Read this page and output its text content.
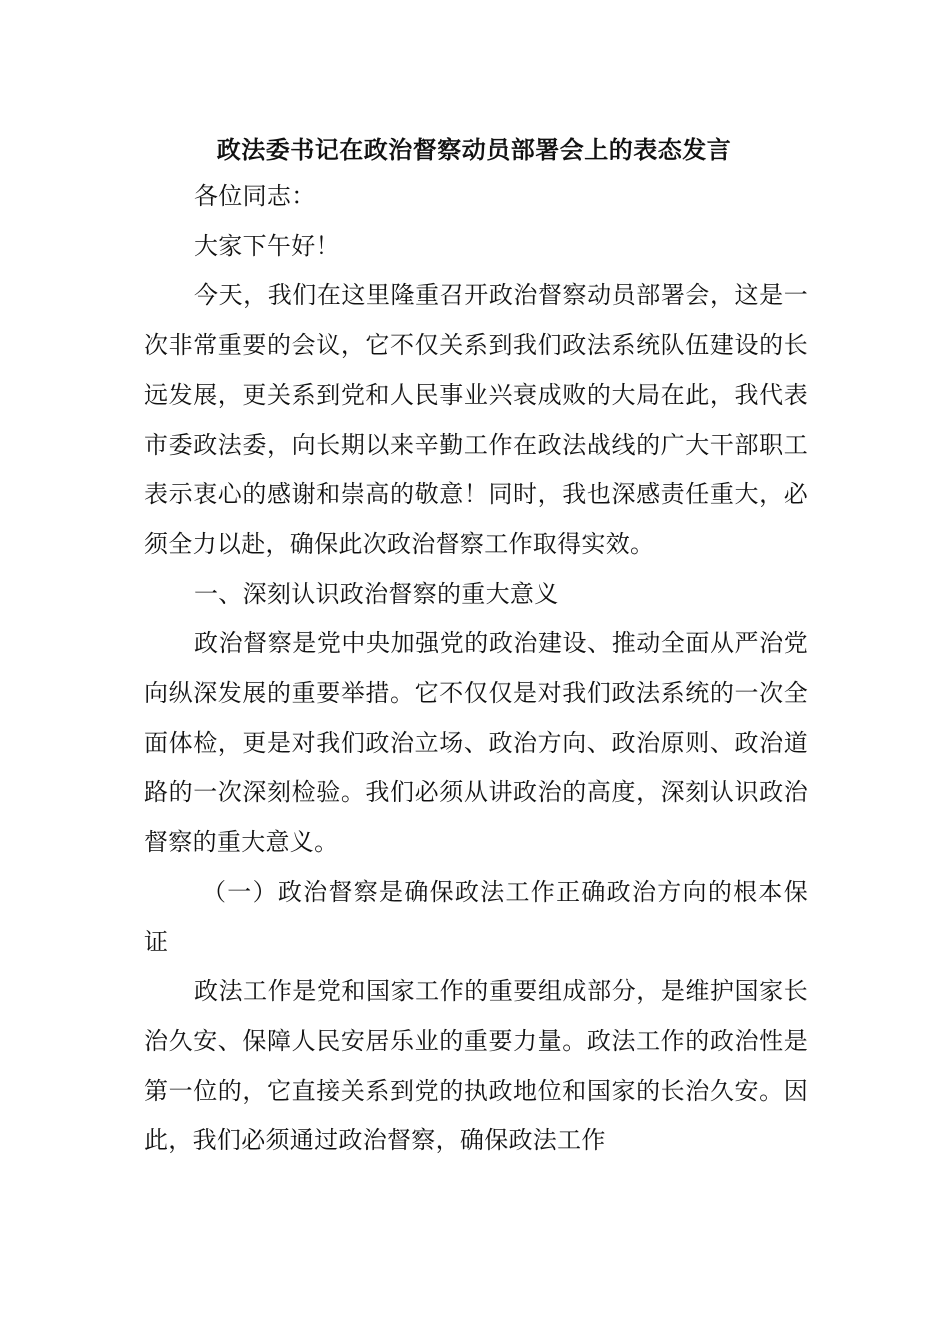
政法委书记在政治督察动员部署会上的表态发言

各位同志：

大家下午好！

今天，我们在这里隆重召开政治督察动员部署会，这是一次非常重要的会议，它不仅关系到我们政法系统队伍建设的长远发展，更关系到党和人民事业兴衰成败的大局在此，我代表市委政法委，向长期以来辛勤工作在政法战线的广大干部职工表示衷心的感谢和崇高的敬意！同时，我也深感责任重大，必须全力以赴，确保此次政治督察工作取得实效。

一、深刻认识政治督察的重大意义

政治督察是党中央加强党的政治建设、推动全面从严治党向纵深发展的重要举措。它不仅仅是对我们政法系统的一次全面体检，更是对我们政治立场、政治方向、政治原则、政治道路的一次深刻检验。我们必须从讲政治的高度，深刻认识政治督察的重大意义。

（一）政治督察是确保政法工作正确政治方向的根本保证

政法工作是党和国家工作的重要组成部分，是维护国家长治久安、保障人民安居乐业的重要力量。政法工作的政治性是第一位的，它直接关系到党的执政地位和国家的长治久安。因此，我们必须通过政治督察，确保政法工作
